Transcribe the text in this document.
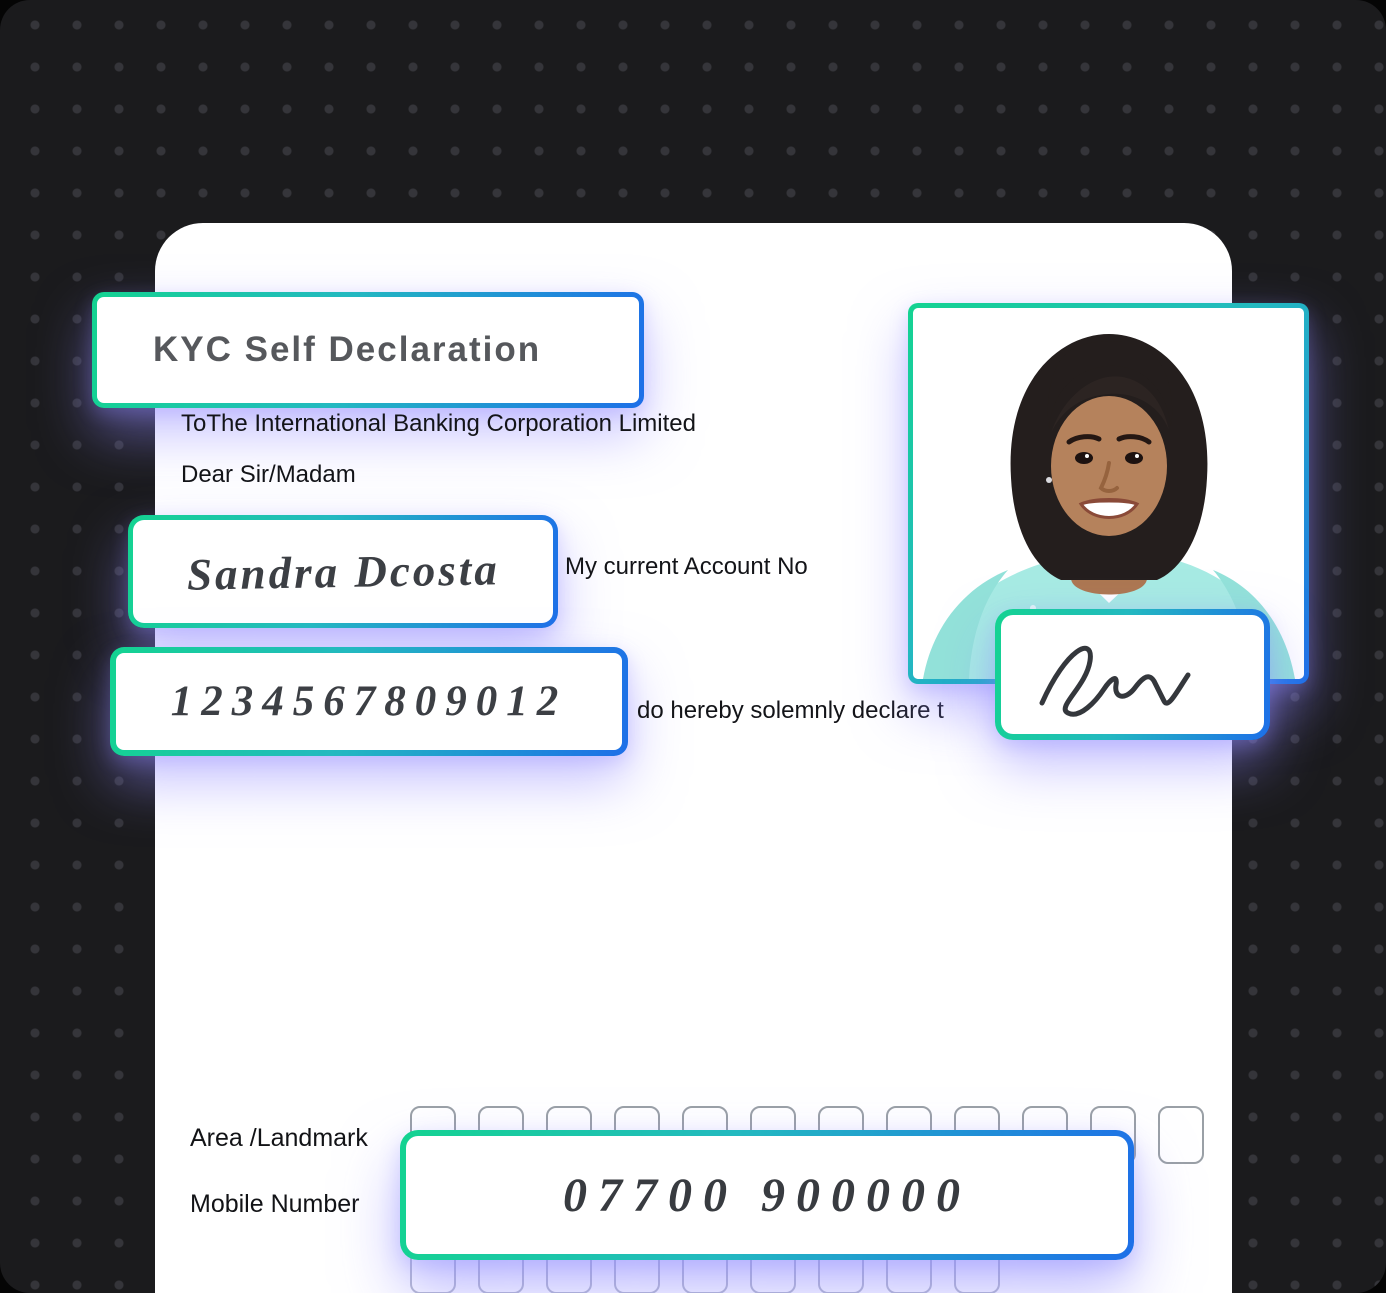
KYC Self Declaration
ToThe International Banking Corporation Limited
Dear Sir/Madam
Sandra Dcosta	My current Account No
1234567809012	do hereby solemnly declare t
Area /Landmark
Mobile Number	07700 900000
